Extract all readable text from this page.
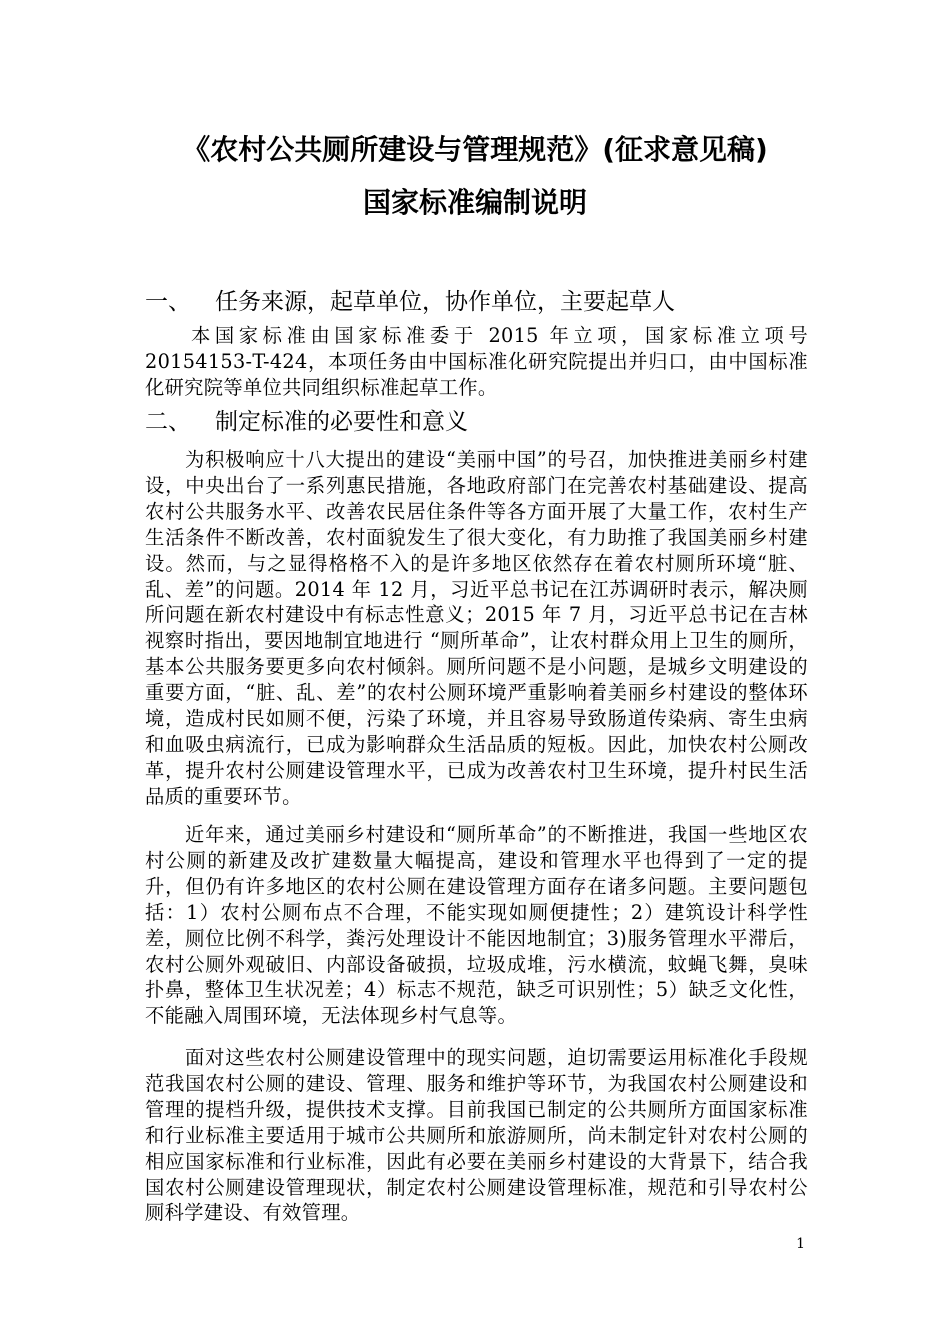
《农村公共厕所建设与管理规范》(征求意见稿)
国家标准编制说明
一、 任务来源，起草单位，协作单位，主要起草人

本国家标准由国家标准委于 2015 年立项，国家标准立项号20154153-T-424，本项任务由中国标准化研究院提出并归口，由中国标准化研究院等单位共同组织标准起草工作。

二、 制定标准的必要性和意义

为积极响应十八大提出的建设“美丽中国”的号召，加快推进美丽乡村建设，中央出台了一系列惠民措施，各地政府部门在完善农村基础建设、提高农村公共服务水平、改善农民居住条件等各方面开展了大量工作，农村生产生活条件不断改善，农村面貌发生了很大变化，有力助推了我国美丽乡村建设。然而，与之显得格格不入的是许多地区依然存在着农村厕所环境“脏、乱、差”的问题。2014 年 12 月，习近平总书记在江苏调研时表示，解决厕所问题在新农村建设中有标志性意义；2015 年 7 月，习近平总书记在吉林视察时指出，要因地制宜地进行 “厕所革命”，让农村群众用上卫生的厕所，基本公共服务要更多向农村倾斜。厕所问题不是小问题，是城乡文明建设的重要方面，“脏、乱、差”的农村公厕环境严重影响着美丽乡村建设的整体环境，造成村民如厕不便，污染了环境，并且容易导致肠道传染病、寄生虫病和血吸虫病流行，已成为影响群众生活品质的短板。因此，加快农村公厕改革，提升农村公厕建设管理水平，已成为改善农村卫生环境，提升村民生活品质的重要环节。

近年来，通过美丽乡村建设和“厕所革命”的不断推进，我国一些地区农村公厕的新建及改扩建数量大幅提高，建设和管理水平也得到了一定的提升，但仍有许多地区的农村公厕在建设管理方面存在诸多问题。主要问题包括：1）农村公厕布点不合理，不能实现如厕便捷性；2）建筑设计科学性差，厕位比例不科学，粪污处理设计不能因地制宜；3)服务管理水平滞后，农村公厕外观破旧、内部设备破损，垃圾成堆，污水横流，蚊蝇飞舞，臭味扑鼻，整体卫生状况差；4）标志不规范，缺乏可识别性；5）缺乏文化性，不能融入周围环境，无法体现乡村气息等。

面对这些农村公厕建设管理中的现实问题，迫切需要运用标准化手段规范我国农村公厕的建设、管理、服务和维护等环节，为我国农村公厕建设和管理的提档升级，提供技术支撑。目前我国已制定的公共厕所方面国家标准和行业标准主要适用于城市公共厕所和旅游厕所，尚未制定针对农村公厕的相应国家标准和行业标准，因此有必要在美丽乡村建设的大背景下，结合我国农村公厕建设管理现状，制定农村公厕建设管理标准，规范和引导农村公厕科学建设、有效管理。

1
